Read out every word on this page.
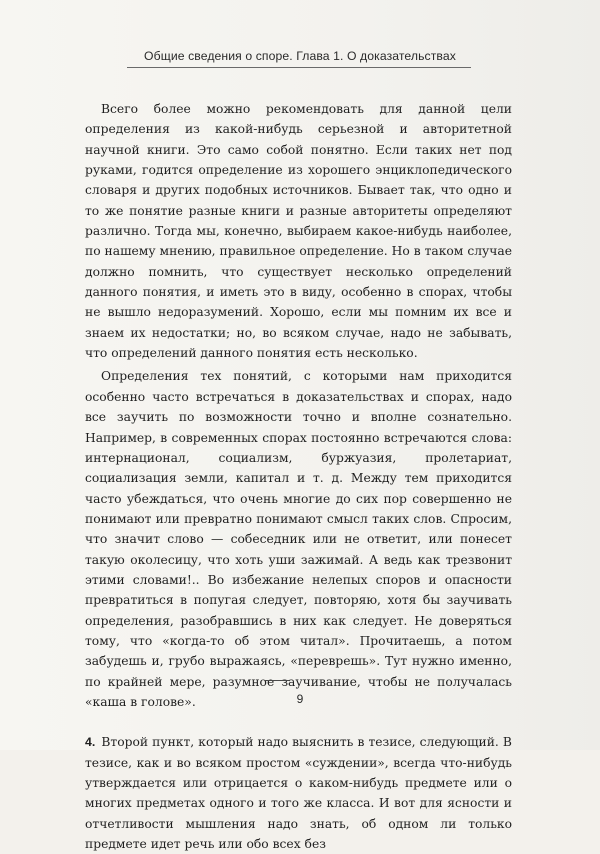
Общие сведения о споре. Глава 1. О доказательствах

Всего более можно рекомендовать для данной цели определения из какой-нибудь серьезной и авторитетной научной книги. Это само собой понятно. Если таких нет под руками, годится определение из хорошего энциклопедического словаря и других подобных источников. Бывает так, что одно и то же понятие разные книги и разные авторитеты определяют различно. Тогда мы, конечно, выбираем какое-нибудь наиболее, по нашему мнению, правильное определение. Но в таком случае должно помнить, что существует несколько определений данного понятия, и иметь это в виду, особенно в спорах, чтобы не вышло недоразумений. Хорошо, если мы помним их все и знаем их недостатки; но, во всяком случае, надо не забывать, что определений данного понятия есть несколько.

Определения тех понятий, с которыми нам приходится особенно часто встречаться в доказательствах и спорах, надо все заучить по возможности точно и вполне сознательно. Например, в современных спорах постоянно встречаются слова: интернационал, социализм, буржуазия, пролетариат, социализация земли, капитал и т. д. Между тем приходится часто убеждаться, что очень многие до сих пор совершенно не понимают или превратно понимают смысл таких слов. Спросим, что значит слово — собеседник или не ответит, или понесет такую околесицу, что хоть уши зажимай. А ведь как трезвонит этими словами!.. Во избежание нелепых споров и опасности превратиться в попугая следует, повторяю, хотя бы заучивать определения, разобравшись в них как следует. Не доверяться тому, что «когда-то об этом читал». Прочитаешь, а потом забудешь и, грубо выражаясь, «переврешь». Тут нужно именно, по крайней мере, разумное заучивание, чтобы не получалась «каша в голове».

4. Второй пункт, который надо выяснить в тезисе, следующий. В тезисе, как и во всяком простом «суждении», всегда что-нибудь утверждается или отрицается о каком-нибудь предмете или о многих предметах одного и того же класса. И вот для ясности и отчетливости мышления надо знать, об одном ли только предмете идет речь или обо всех без

9
